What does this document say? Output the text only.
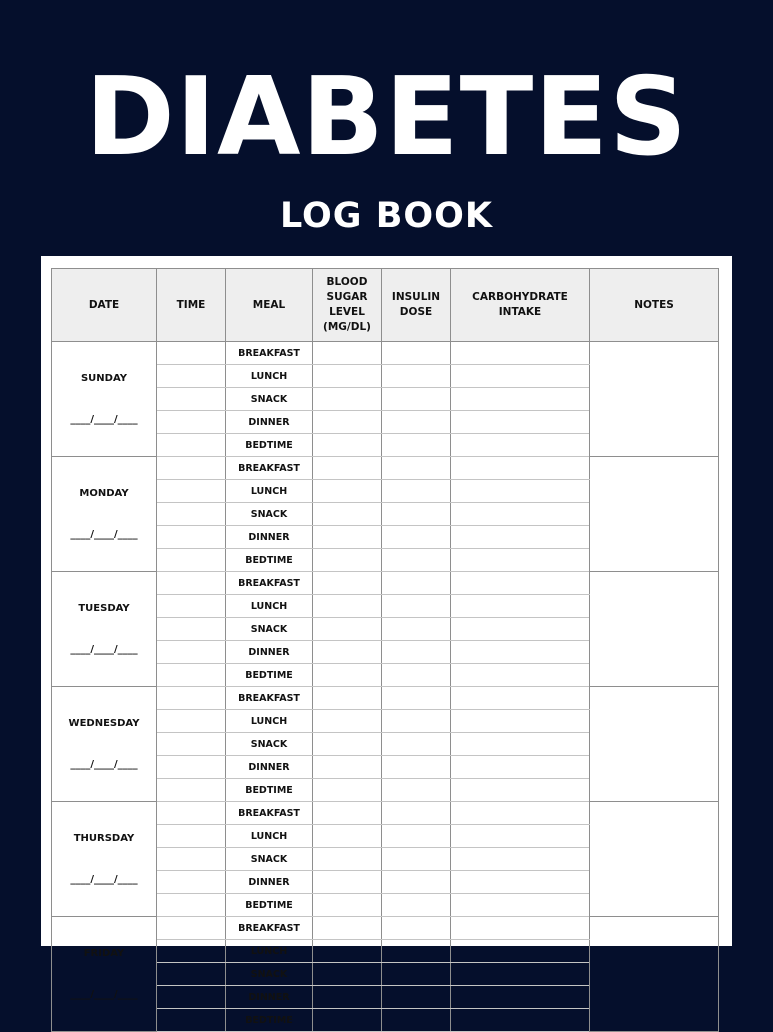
DIABETES
LOG BOOK
DATE	TIME	MEAL	BLOOD SUGAR LEVEL (MG/DL)	INSULIN DOSE	CARBOHYDRATE INTAKE	NOTES

SUNDAY
____/____/____		BREAKFAST				
		LUNCH				
		SNACK				
		DINNER				
		BEDTIME				

MONDAY
____/____/____		BREAKFAST				
		LUNCH				
		SNACK				
		DINNER				
		BEDTIME				

TUESDAY
____/____/____		BREAKFAST				
		LUNCH				
		SNACK				
		DINNER				
		BEDTIME				

WEDNESDAY
____/____/____		BREAKFAST				
		LUNCH				
		SNACK				
		DINNER				
		BEDTIME				

THURSDAY
____/____/____		BREAKFAST				
		LUNCH				
		SNACK				
		DINNER				
		BEDTIME				

FRIDAY
____/____/____		BREAKFAST				
		LUNCH				
		SNACK				
		DINNER				
		BEDTIME				
